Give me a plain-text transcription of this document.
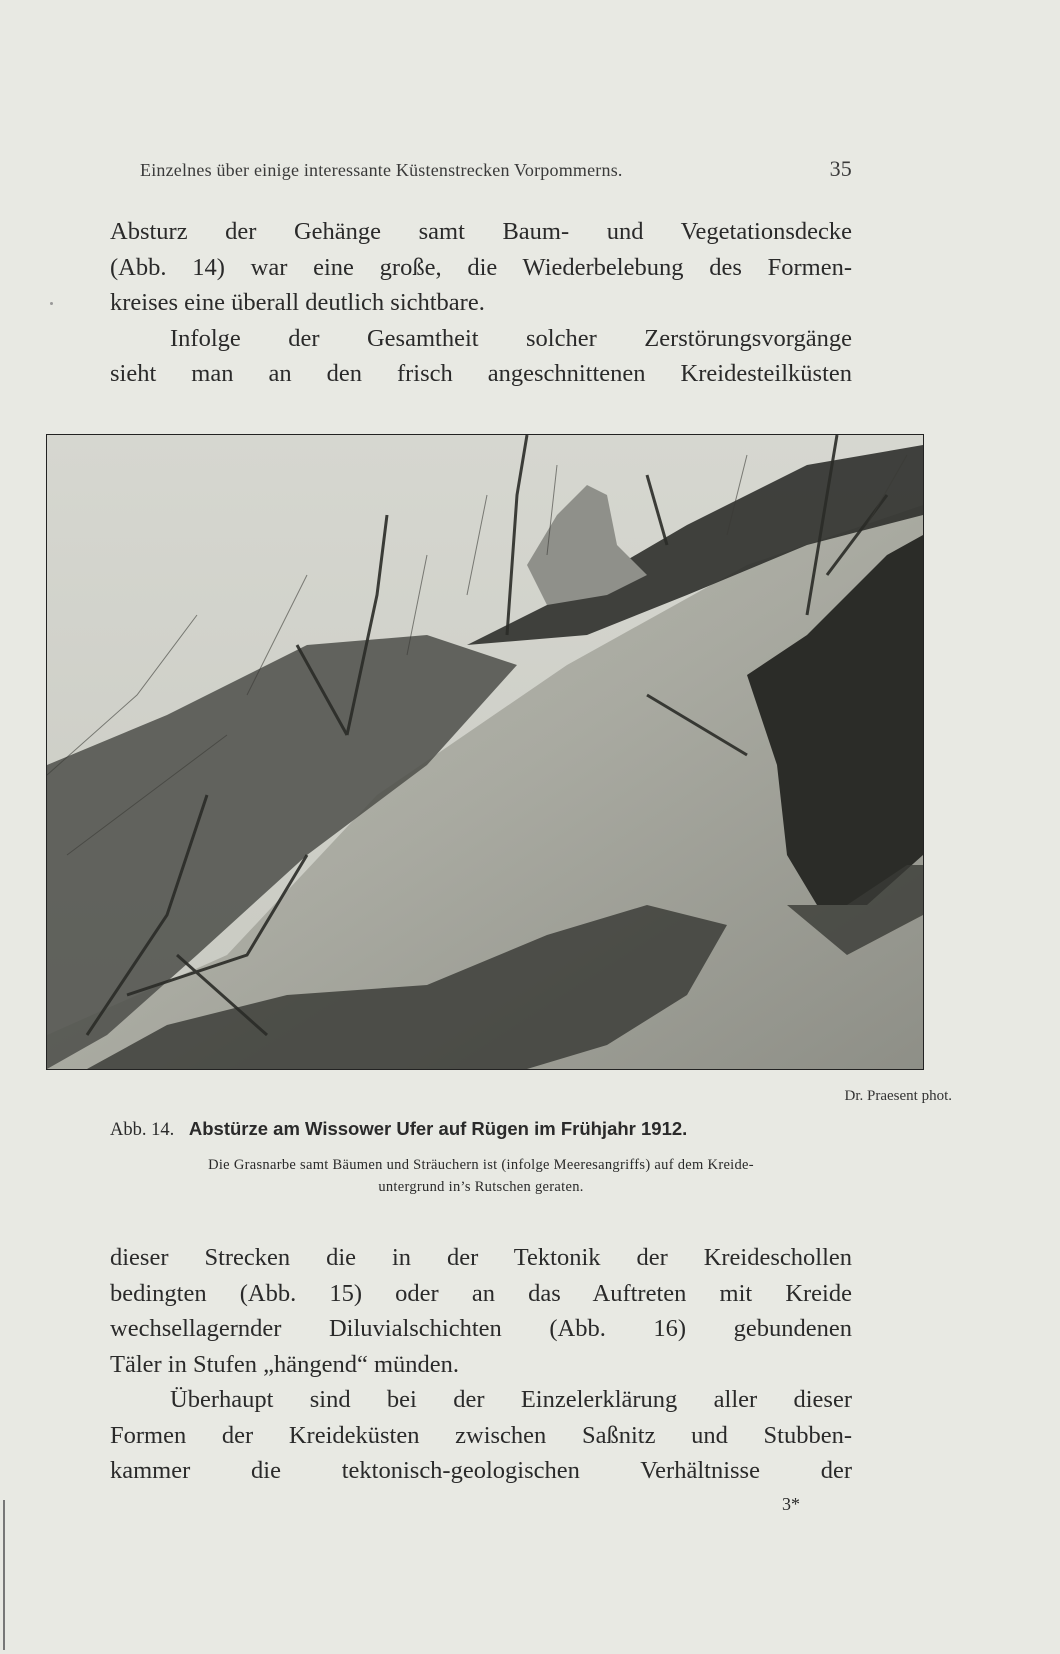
Einzelnes über einige interessante Küstenstrecken Vorpommerns.	35

Absturz der Gehänge samt Baum- und Vegetationsdecke

(Abb. 14) war eine große, die Wiederbelebung des Formen-

kreises eine überall deutlich sichtbare.

Infolge der Gesamtheit solcher Zerstörungsvorgänge

sieht man an den frisch angeschnittenen Kreidesteilküsten

Dr. Praesent phot.
Abb. 14. Abstürze am Wissower Ufer auf Rügen im Frühjahr 1912.
Die Grasnarbe samt Bäumen und Sträuchern ist (infolge Meeresangriffs) auf dem Kreide-
untergrund in’s Rutschen geraten.

dieser Strecken die in der Tektonik der Kreideschollen

bedingten (Abb. 15) oder an das Auftreten mit Kreide

wechsellagernder Diluvialschichten (Abb. 16) gebundenen

Täler in Stufen „hängend“ münden.

Überhaupt sind bei der Einzelerklärung aller dieser

Formen der Kreideküsten zwischen Saßnitz und Stubben-

kammer die tektonisch-geologischen Verhältnisse der

3*
